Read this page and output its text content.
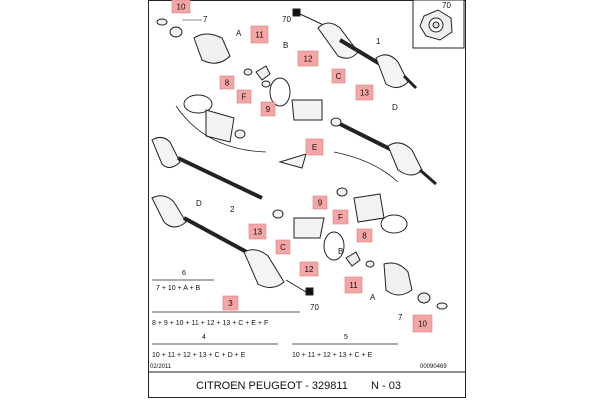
70
1
70
7
A
B
D
D
2
70
B
A
7
10
11
8
F
12
C
13
9
E
9
F
8
13
C
12
11
3
10
6
7 + 10 + A + B
8 + 9 + 10 + 11 + 12 + 13 + C + E + F
4
10 + 11 + 12 + 13 + C + D + E
5
10 + 11 + 12 + 13 + C + E
02/2011	00090469
CITROEN PEUGEOT - 329811 N - 03
